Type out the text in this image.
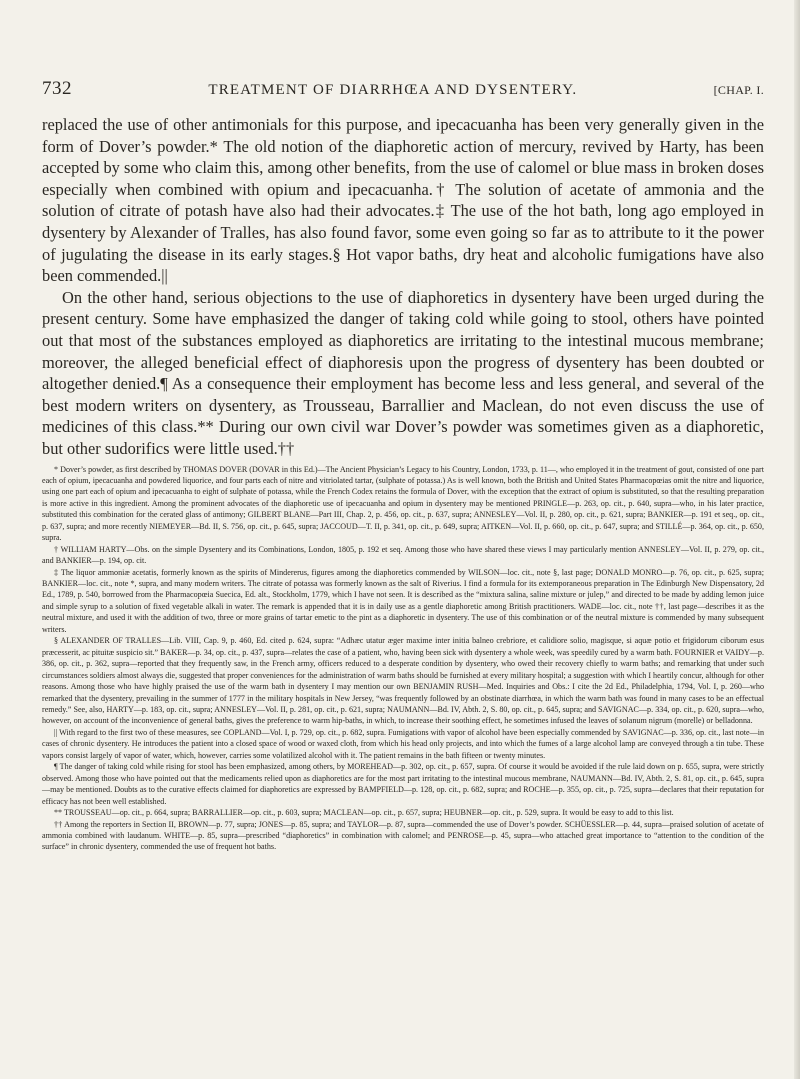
732	TREATMENT OF DIARRHŒA AND DYSENTERY.	[CHAP. I.

replaced the use of other antimonials for this purpose, and ipecacuanha has been very generally given in the form of Dover’s powder.* The old notion of the diaphoretic action of mercury, revived by Harty, has been accepted by some who claim this, among other benefits, from the use of calomel or blue mass in broken doses especially when combined with opium and ipecacuanha.† The solution of acetate of ammonia and the solution of citrate of potash have also had their advocates.‡ The use of the hot bath, long ago employed in dysentery by Alexander of Tralles, has also found favor, some even going so far as to attribute to it the power of jugulating the disease in its early stages.§ Hot vapor baths, dry heat and alcoholic fumigations have also been commended.||

On the other hand, serious objections to the use of diaphoretics in dysentery have been urged during the present century. Some have emphasized the danger of taking cold while going to stool, others have pointed out that most of the substances employed as diaphoretics are irritating to the intestinal mucous membrane; moreover, the alleged beneficial effect of diaphoresis upon the progress of dysentery has been doubted or altogether denied.¶ As a consequence their employment has become less and less general, and several of the best modern writers on dysentery, as Trousseau, Barrallier and Maclean, do not even discuss the use of medicines of this class.** During our own civil war Dover’s powder was sometimes given as a diaphoretic, but other sudorifics were little used.††

* Dover’s powder, as first described by THOMAS DOVER (DOVAR in this Ed.)—The Ancient Physician’s Legacy to his Country, London, 1733, p. 11—, who employed it in the treatment of gout, consisted of one part each of opium, ipecacuanha and powdered liquorice, and four parts each of nitre and vitriolated tartar, (sulphate of potassa.) As is well known, both the British and United States Pharmacopœias omit the nitre and liquorice, using one part each of opium and ipecacuanha to eight of sulphate of potassa, while the French Codex retains the formula of Dover, with the exception that the extract of opium is substituted, so that the resulting preparation is more active in this ingredient. Among the prominent advocates of the diaphoretic use of ipecacuanha and opium in dysentery may be mentioned PRINGLE—p. 263, op. cit., p. 640, supra—who, in his later practice, substituted this combination for the cerated glass of antimony; GILBERT BLANE—Part III, Chap. 2, p. 456, op. cit., p. 637, supra; ANNESLEY—Vol. II, p. 280, op. cit., p. 621, supra; BANKIER—p. 191 et seq., op. cit., p. 637, supra; and more recently NIEMEYER—Bd. II, S. 756, op. cit., p. 645, supra; JACCOUD—T. II, p. 341, op. cit., p. 649, supra; AITKEN—Vol. II, p. 660, op. cit., p. 647, supra; and STILLÉ—p. 364, op. cit., p. 650, supra.

† WILLIAM HARTY—Obs. on the simple Dysentery and its Combinations, London, 1805, p. 192 et seq. Among those who have shared these views I may particularly mention ANNESLEY—Vol. II, p. 279, op. cit., and BANKIER—p. 194, op. cit.

‡ The liquor ammoniæ acetatis, formerly known as the spirits of Mindererus, figures among the diaphoretics commended by WILSON—loc. cit., note §, last page; DONALD MONRO—p. 76, op. cit., p. 625, supra; BANKIER—loc. cit., note *, supra, and many modern writers. The citrate of potassa was formerly known as the salt of Riverius. I find a formula for its extemporaneous preparation in The Edinburgh New Dispensatory, 2d Ed., 1789, p. 540, borrowed from the Pharmacopœia Suecica, Ed. alt., Stockholm, 1779, which I have not seen. It is described as the “mixtura salina, saline mixture or julep,” and directed to be made by adding lemon juice and simple syrup to a solution of fixed vegetable alkali in water. The remark is appended that it is in daily use as a gentle diaphoretic among British practitioners. WADE—loc. cit., note ††, last page—describes it as the neutral mixture, and used it with the addition of two, three or more grains of tartar emetic to the pint as a diaphoretic in dysentery. The use of this combination or of the neutral mixture is commended by many subsequent writers.

§ ALEXANDER OF TRALLES—Lib. VIII, Cap. 9, p. 460, Ed. cited p. 624, supra: “Adhæc utatur æger maxime inter initia balneo crebriore, et calidiore solio, magisque, si aquæ potio et frigidorum ciborum esus præcesserit, ac pituitæ suspicio sit.” BAKER—p. 34, op. cit., p. 437, supra—relates the case of a patient, who, having been sick with dysentery a whole week, was speedily cured by a warm bath. FOURNIER et VAIDY—p. 386, op. cit., p. 362, supra—reported that they frequently saw, in the French army, officers reduced to a desperate condition by dysentery, who owed their recovery chiefly to warm baths; and remarking that under such circumstances soldiers almost always die, suggested that proper conveniences for the administration of warm baths should be furnished at every military hospital; a suggestion with which I heartily concur, although for other reasons. Among those who have highly praised the use of the warm bath in dysentery I may mention our own BENJAMIN RUSH—Med. Inquiries and Obs.: I cite the 2d Ed., Philadelphia, 1794, Vol. I, p. 260—who remarked that the dysentery, prevailing in the summer of 1777 in the military hospitals in New Jersey, “was frequently followed by an obstinate diarrhœa, in which the warm bath was found in many cases to be an effectual remedy.” See, also, HARTY—p. 183, op. cit., supra; ANNESLEY—Vol. II, p. 281, op. cit., p. 621, supra; NAUMANN—Bd. IV, Abth. 2, S. 80, op. cit., p. 645, supra; and SAVIGNAC—p. 334, op. cit., p. 620, supra—who, however, on account of the inconvenience of general baths, gives the preference to warm hip-baths, in which, to increase their soothing effect, he sometimes infused the leaves of solanum nigrum (morelle) or belladonna.

|| With regard to the first two of these measures, see COPLAND—Vol. I, p. 729, op. cit., p. 682, supra. Fumigations with vapor of alcohol have been especially commended by SAVIGNAC—p. 336, op. cit., last note—in cases of chronic dysentery. He introduces the patient into a closed space of wood or waxed cloth, from which his head only projects, and into which the fumes of a large alcohol lamp are conveyed through a tin tube. These vapors consist largely of vapor of water, which, however, carries some volatilized alcohol with it. The patient remains in the bath fifteen or twenty minutes.

¶ The danger of taking cold while rising for stool has been emphasized, among others, by MOREHEAD—p. 302, op. cit., p. 657, supra. Of course it would be avoided if the rule laid down on p. 655, supra, were strictly observed. Among those who have pointed out that the medicaments relied upon as diaphoretics are for the most part irritating to the intestinal mucous membrane, NAUMANN—Bd. IV, Abth. 2, S. 81, op. cit., p. 645, supra—may be mentioned. Doubts as to the curative effects claimed for diaphoretics are expressed by BAMPFIELD—p. 128, op. cit., p. 682, supra; and ROCHE—p. 355, op. cit., p. 725, supra—declares that their reputation for efficacy has not been well established.

** TROUSSEAU—op. cit., p. 664, supra; BARRALLIER—op. cit., p. 603, supra; MACLEAN—op. cit., p. 657, supra; HEUBNER—op. cit., p. 529, supra. It would be easy to add to this list.

†† Among the reporters in Section II, BROWN—p. 77, supra; JONES—p. 85, supra; and TAYLOR—p. 87, supra—commended the use of Dover’s powder. SCHÜESSLER—p. 44, supra—praised solution of acetate of ammonia combined with laudanum. WHITE—p. 85, supra—prescribed “diaphoretics” in combination with calomel; and PENROSE—p. 45, supra—who attached great importance to “attention to the condition of the surface” in chronic dysentery, commended the use of frequent hot baths.
